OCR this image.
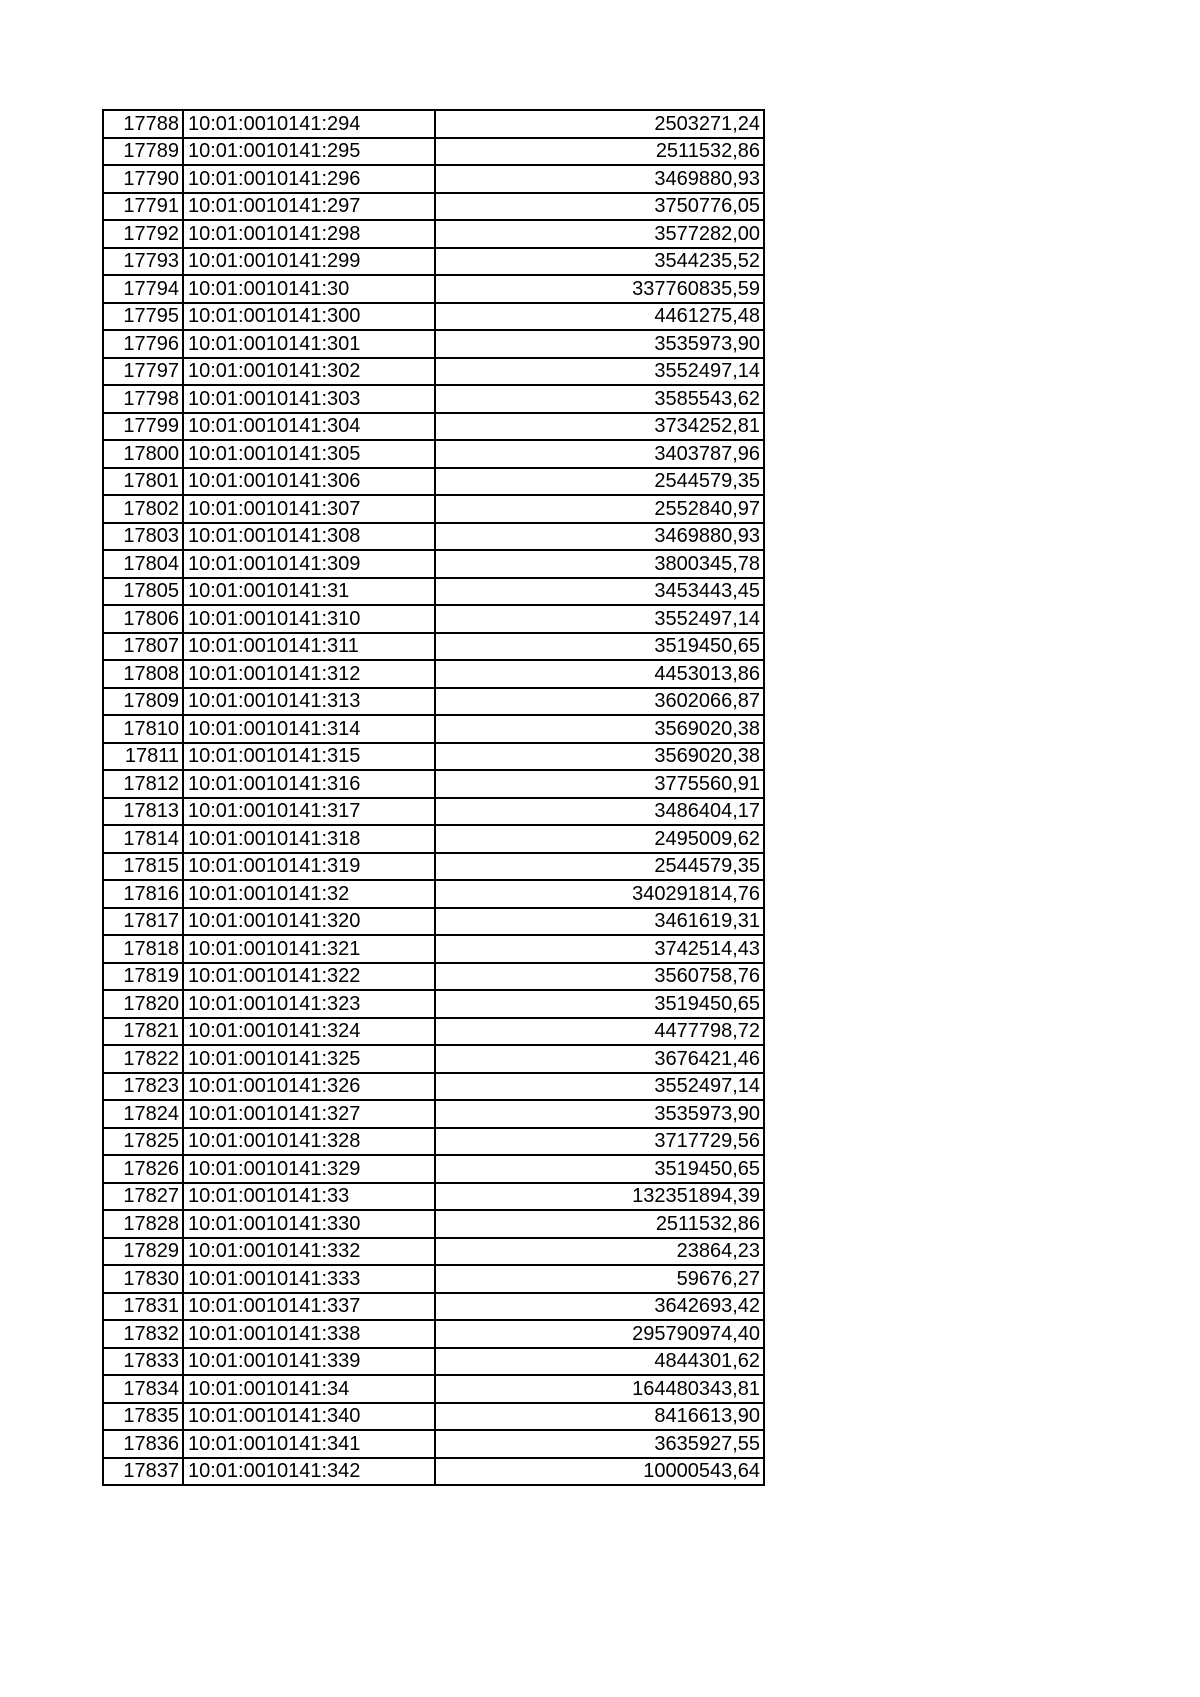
17788	10:01:0010141:294	2503271,24
17789	10:01:0010141:295	2511532,86
17790	10:01:0010141:296	3469880,93
17791	10:01:0010141:297	3750776,05
17792	10:01:0010141:298	3577282,00
17793	10:01:0010141:299	3544235,52
17794	10:01:0010141:30	337760835,59
17795	10:01:0010141:300	4461275,48
17796	10:01:0010141:301	3535973,90
17797	10:01:0010141:302	3552497,14
17798	10:01:0010141:303	3585543,62
17799	10:01:0010141:304	3734252,81
17800	10:01:0010141:305	3403787,96
17801	10:01:0010141:306	2544579,35
17802	10:01:0010141:307	2552840,97
17803	10:01:0010141:308	3469880,93
17804	10:01:0010141:309	3800345,78
17805	10:01:0010141:31	3453443,45
17806	10:01:0010141:310	3552497,14
17807	10:01:0010141:311	3519450,65
17808	10:01:0010141:312	4453013,86
17809	10:01:0010141:313	3602066,87
17810	10:01:0010141:314	3569020,38
17811	10:01:0010141:315	3569020,38
17812	10:01:0010141:316	3775560,91
17813	10:01:0010141:317	3486404,17
17814	10:01:0010141:318	2495009,62
17815	10:01:0010141:319	2544579,35
17816	10:01:0010141:32	340291814,76
17817	10:01:0010141:320	3461619,31
17818	10:01:0010141:321	3742514,43
17819	10:01:0010141:322	3560758,76
17820	10:01:0010141:323	3519450,65
17821	10:01:0010141:324	4477798,72
17822	10:01:0010141:325	3676421,46
17823	10:01:0010141:326	3552497,14
17824	10:01:0010141:327	3535973,90
17825	10:01:0010141:328	3717729,56
17826	10:01:0010141:329	3519450,65
17827	10:01:0010141:33	132351894,39
17828	10:01:0010141:330	2511532,86
17829	10:01:0010141:332	23864,23
17830	10:01:0010141:333	59676,27
17831	10:01:0010141:337	3642693,42
17832	10:01:0010141:338	295790974,40
17833	10:01:0010141:339	4844301,62
17834	10:01:0010141:34	164480343,81
17835	10:01:0010141:340	8416613,90
17836	10:01:0010141:341	3635927,55
17837	10:01:0010141:342	10000543,64
